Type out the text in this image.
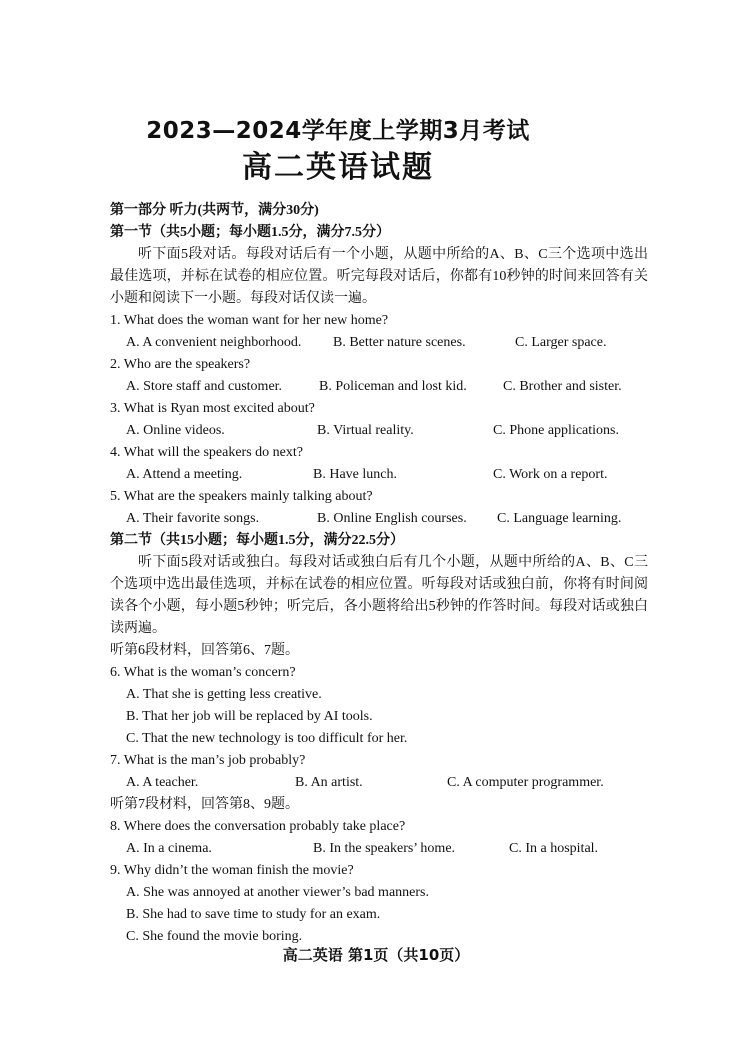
2023—2024学年度上学期3月考试
高二英语试题
第一部分 听力(共两节，满分30分)
第一节（共5小题；每小题1.5分，满分7.5分）
听下面5段对话。每段对话后有一个小题，从题中所给的A、B、C三个选项中选出最佳选项，并标在试卷的相应位置。听完每段对话后，你都有10秒钟的时间来回答有关小题和阅读下一小题。每段对话仅读一遍。
1. What does the woman want for her new home?
A. A convenient neighborhood. B. Better nature scenes.	C. Larger space.
2. Who are the speakers?
A. Store staff and customer.	B. Policeman and lost kid.	C. Brother and sister.
3. What is Ryan most excited about?
A. Online videos.	B. Virtual reality.	C. Phone applications.
4. What will the speakers do next?
A. Attend a meeting.	B. Have lunch.	C. Work on a report.
5. What are the speakers mainly talking about?
A. Their favorite songs.	B. Online English courses. C. Language learning.
第二节（共15小题；每小题1.5分，满分22.5分）
听下面5段对话或独白。每段对话或独白后有几个小题，从题中所给的A、B、C三个选项中选出最佳选项，并标在试卷的相应位置。听每段对话或独白前，你将有时间阅读各个小题，每小题5秒钟；听完后，各小题将给出5秒钟的作答时间。每段对话或独白读两遍。
听第6段材料，回答第6、7题。
6. What is the woman’s concern?
A. That she is getting less creative.
B. That her job will be replaced by AI tools.
C. That the new technology is too difficult for her.
7. What is the man’s job probably?
A. A teacher.	B. An artist.	C. A computer programmer.
听第7段材料，回答第8、9题。
8. Where does the conversation probably take place?
A. In a cinema.	B. In the speakers’ home.	C. In a hospital.
9. Why didn’t the woman finish the movie?
A. She was annoyed at another viewer’s bad manners.
B. She had to save time to study for an exam.
C. She found the movie boring.
高二英语 第1页（共10页）
